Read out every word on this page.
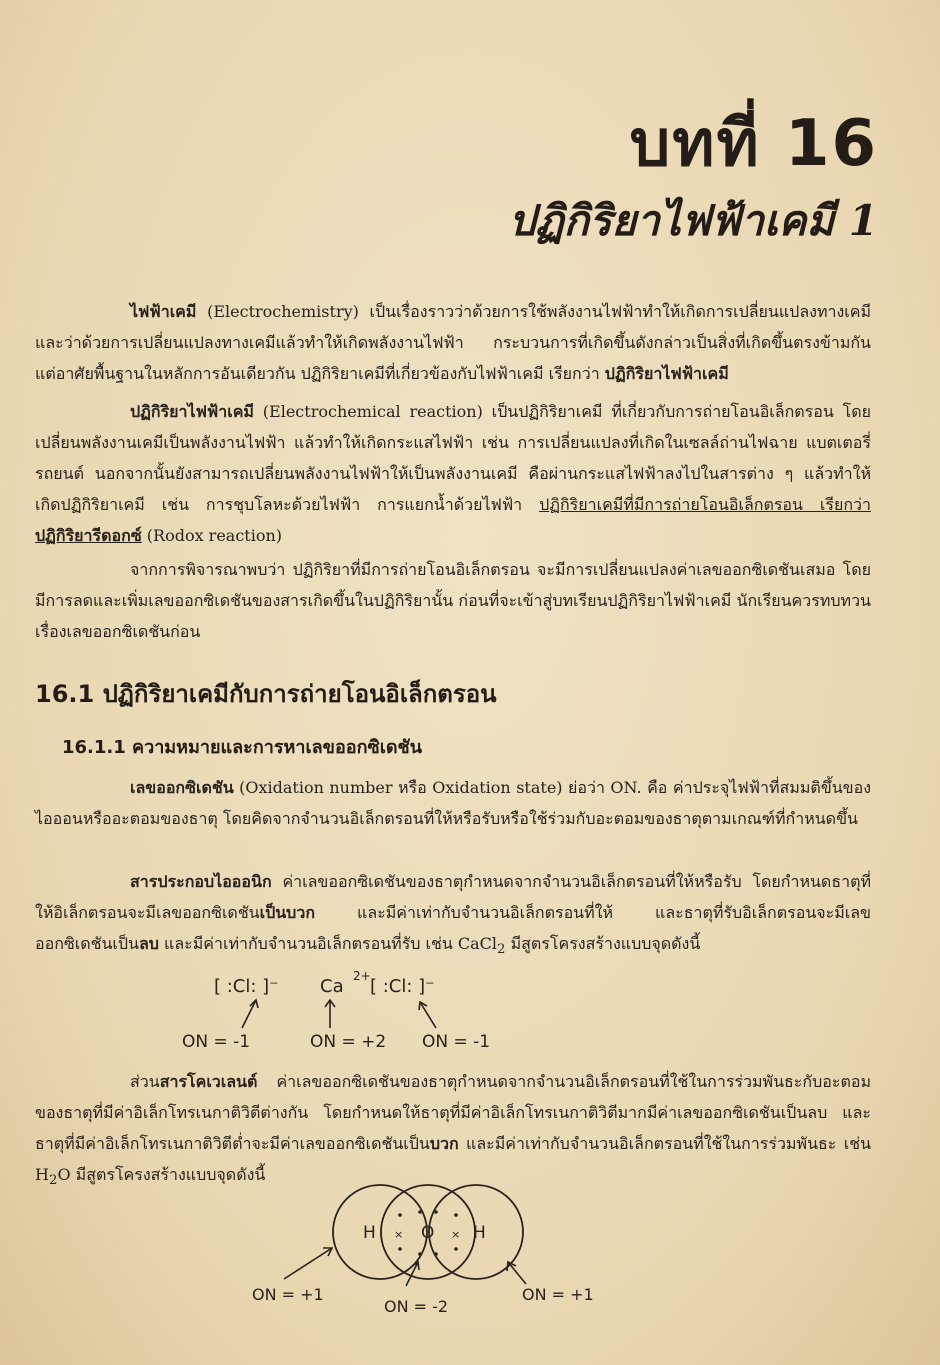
บทที่ 16
ปฏิกิริยาไฟฟ้าเคมี 1
ไฟฟ้าเคมี (Electrochemistry) เป็นเรื่องราวว่าด้วยการใช้พลังงานไฟฟ้าทำให้เกิดการเปลี่ยนแปลงทางเคมี และว่าด้วยการเปลี่ยนแปลงทางเคมีแล้วทำให้เกิดพลังงานไฟฟ้า กระบวนการที่เกิดขึ้นดังกล่าวเป็นสิ่งที่เกิดขึ้นตรงข้ามกัน แต่อาศัยพื้นฐานในหลักการอันเดียวกัน ปฏิกิริยาเคมีที่เกี่ยวข้องกับไฟฟ้าเคมี เรียกว่า ปฏิกิริยาไฟฟ้าเคมี
ปฏิกิริยาไฟฟ้าเคมี (Electrochemical reaction) เป็นปฏิกิริยาเคมี ที่เกี่ยวกับการถ่ายโอนอิเล็กตรอน โดยเปลี่ยนพลังงานเคมีเป็นพลังงานไฟฟ้า แล้วทำให้เกิดกระแสไฟฟ้า เช่น การเปลี่ยนแปลงที่เกิดในเซลล์ถ่านไฟฉาย แบตเตอรี่รถยนต์ นอกจากนั้นยังสามารถเปลี่ยนพลังงานไฟฟ้าให้เป็นพลังงานเคมี คือผ่านกระแสไฟฟ้าลงไปในสารต่าง ๆ แล้วทำให้เกิดปฏิกิริยาเคมี เช่น การชุบโลหะด้วยไฟฟ้า การแยกน้ำด้วยไฟฟ้า ปฏิกิริยาเคมีที่มีการถ่ายโอนอิเล็กตรอน เรียกว่า ปฏิกิริยารีดอกซ์ (Rodox reaction)
จากการพิจารณาพบว่า ปฏิกิริยาที่มีการถ่ายโอนอิเล็กตรอน จะมีการเปลี่ยนแปลงค่าเลขออกซิเดชันเสมอ โดยมีการลดและเพิ่มเลขออกซิเดชันของสารเกิดขึ้นในปฏิกิริยานั้น ก่อนที่จะเข้าสู่บทเรียนปฏิกิริยาไฟฟ้าเคมี นักเรียนควรทบทวนเรื่องเลขออกซิเดชันก่อน
16.1 ปฏิกิริยาเคมีกับการถ่ายโอนอิเล็กตรอน
16.1.1 ความหมายและการหาเลขออกซิเดชัน
เลขออกซิเดชัน (Oxidation number หรือ Oxidation state) ย่อว่า ON. คือ ค่าประจุไฟฟ้าที่สมมติขึ้นของไอออนหรืออะตอมของธาตุ โดยคิดจากจำนวนอิเล็กตรอนที่ให้หรือรับหรือใช้ร่วมกับอะตอมของธาตุตามเกณฑ์ที่กำหนดขึ้น
สารประกอบไอออนิก ค่าเลขออกซิเดชันของธาตุกำหนดจากจำนวนอิเล็กตรอนที่ให้หรือรับ โดยกำหนดธาตุที่ให้อิเล็กตรอนจะมีเลขออกซิเดชันเป็นบวก และมีค่าเท่ากับจำนวนอิเล็กตรอนที่ให้ และธาตุที่รับอิเล็กตรอนจะมีเลขออกซิเดชันเป็นลบ และมีค่าเท่ากับจำนวนอิเล็กตรอนที่รับ เช่น CaCl$_2$ มีสูตรโครงสร้างแบบจุดดังนี้
[ :Cl: ]⁻ Ca 2+ [ :Cl: ]⁻
ON = -1	ON = +2 ON = -1
ส่วนสารโคเวเลนต์ ค่าเลขออกซิเดชันของธาตุกำหนดจากจำนวนอิเล็กตรอนที่ใช้ในการร่วมพันธะกับอะตอมของธาตุที่มีค่าอิเล็กโทรเนกาติวิตีต่างกัน โดยกำหนดให้ธาตุที่มีค่าอิเล็กโทรเนกาติวิตีมากมีค่าเลขออกซิเดชันเป็นลบ และธาตุที่มีค่าอิเล็กโทรเนกาติวิตีต่ำจะมีค่าเลขออกซิเดชันเป็นบวก และมีค่าเท่ากับจำนวนอิเล็กตรอนที่ใช้ในการร่วมพันธะ เช่น $H_2O$ มีสูตรโครงสร้างแบบจุดดังนี้
H	O H
×	×
ON = +1
ON = -2
ON = +1
